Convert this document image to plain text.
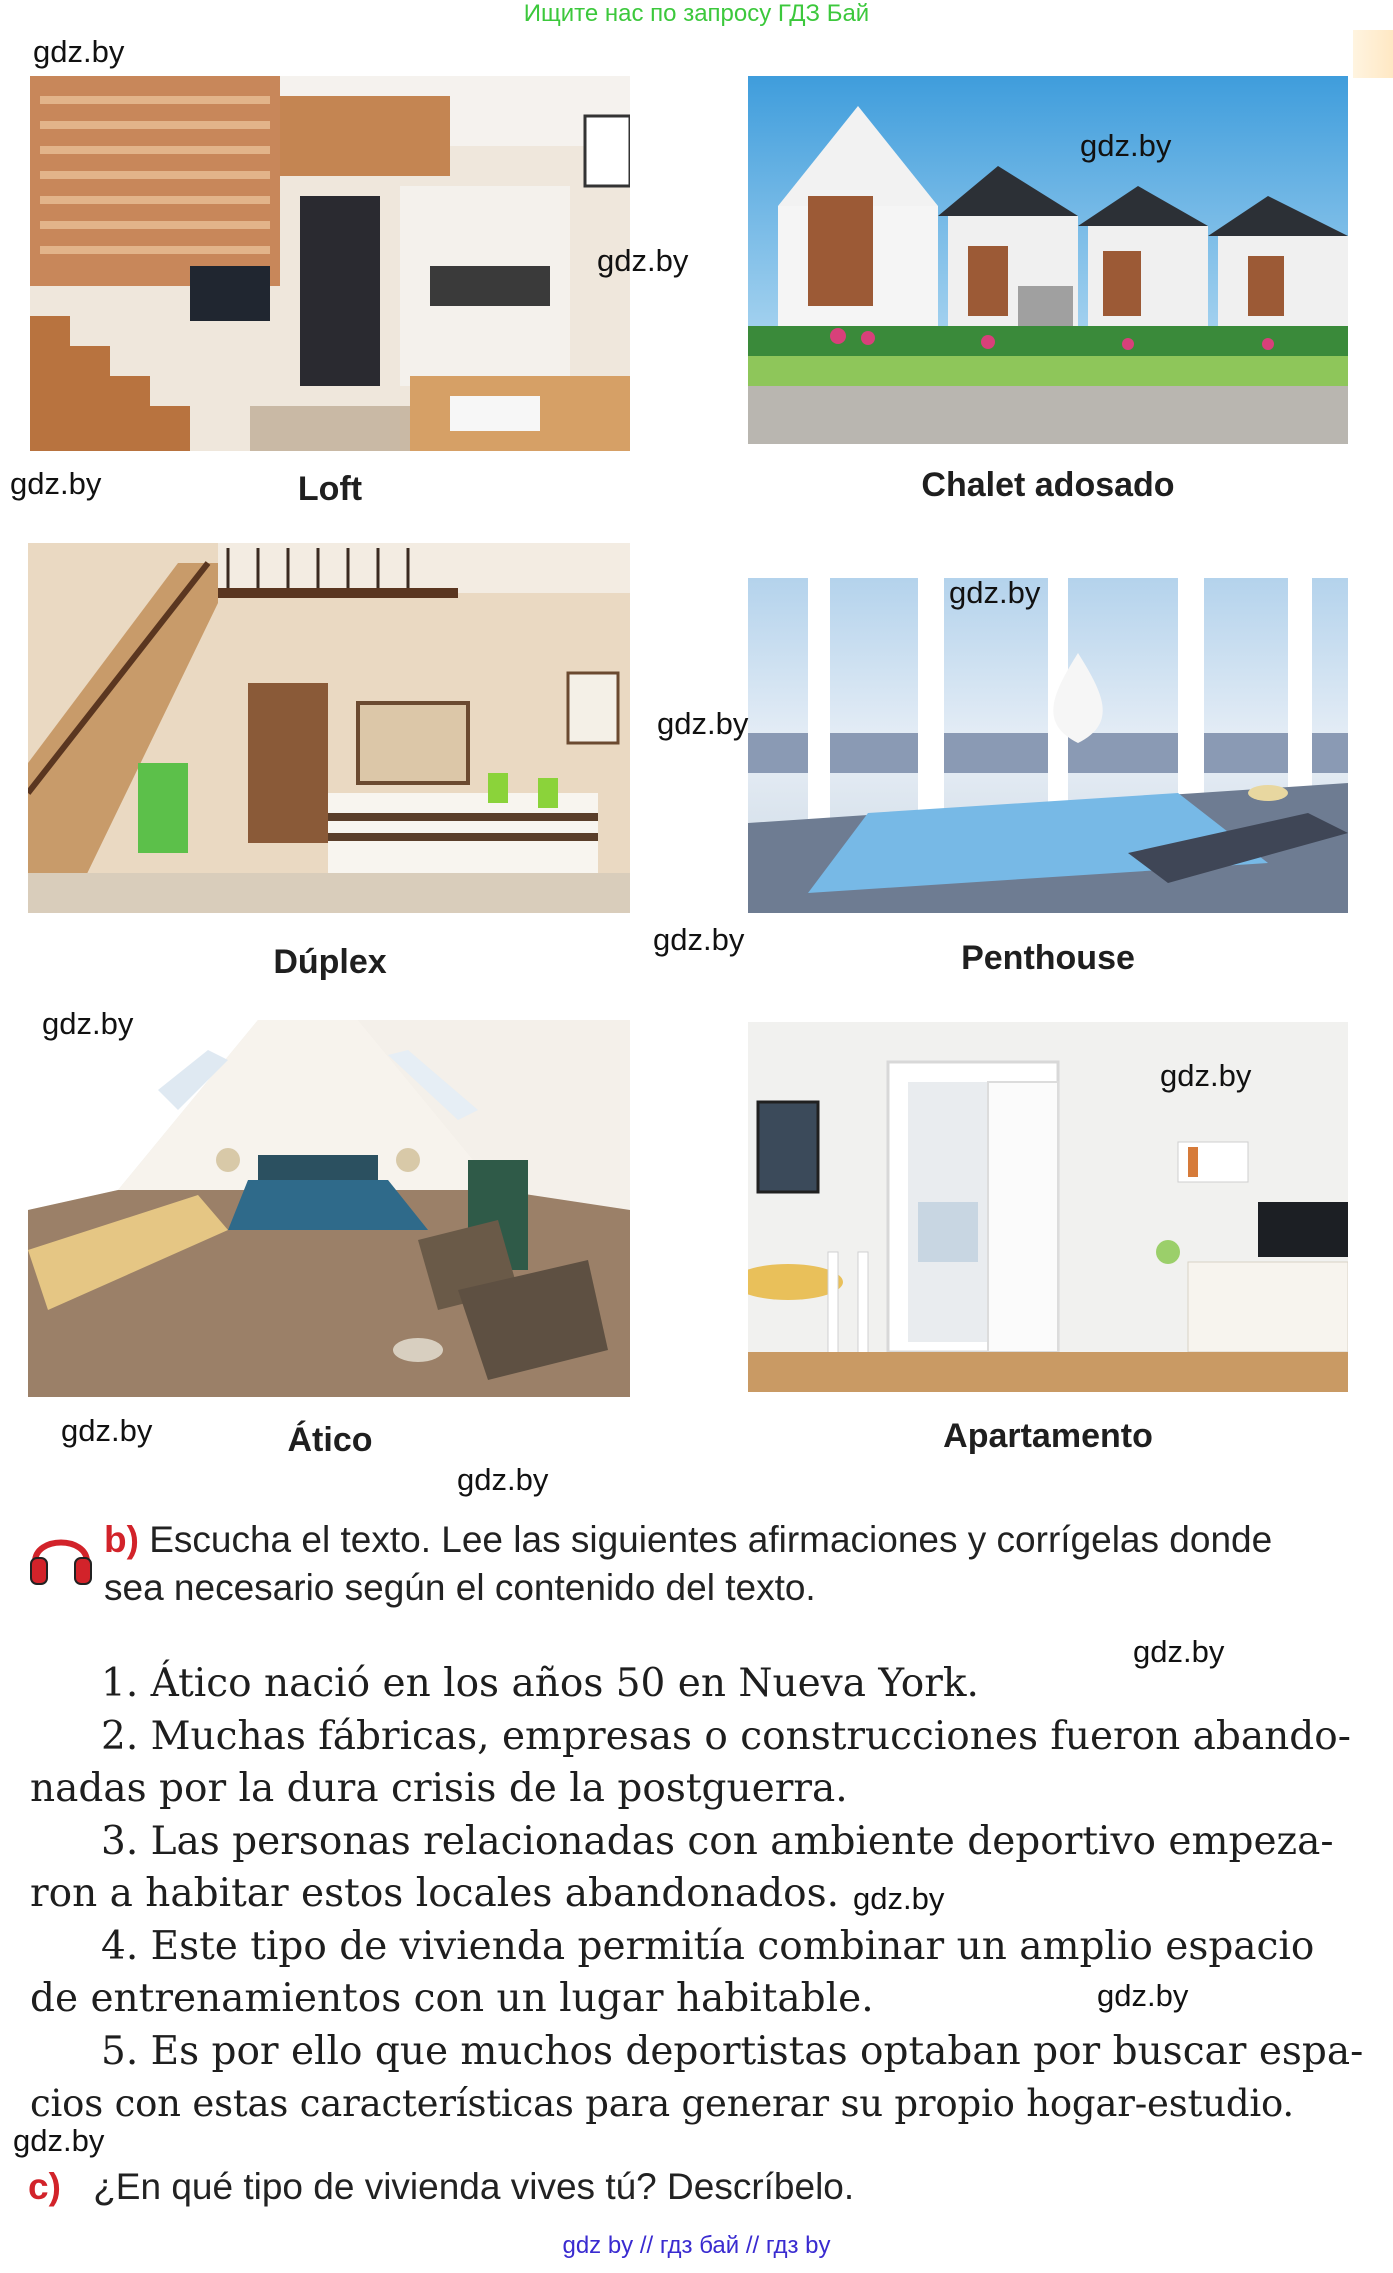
Ищите нас по запросу ГДЗ Бай
Loft	Chalet adosado
Dúplex	Penthouse
Ático	Apartamento
gdz.by
gdz.by
gdz.by
gdz.by
gdz.by
gdz.by
gdz.by
gdz.by
gdz.by
gdz.by
gdz.by
gdz.by
gdz.by
gdz.by
gdz.by
b) Escucha el texto. Lee las siguientes afirmaciones y corrígelas donde
sea necesario según el contenido del texto.
1. Ático nació en los años 50 en Nueva York.
2. Muchas fábricas, empresas o construcciones fueron abando-
nadas por la dura crisis de la postguerra.
3. Las personas relacionadas con ambiente deportivo empeza-
ron a habitar estos locales abandonados.
4. Este tipo de vivienda permitía combinar un amplio espacio
de entrenamientos con un lugar habitable.
5. Es por ello que muchos deportistas optaban por buscar espa-
cios con estas características para generar su propio hogar-estudio.
c) ¿En qué tipo de vivienda vives tú? Descríbelo.
gdz by // гдз бай // гдз by
